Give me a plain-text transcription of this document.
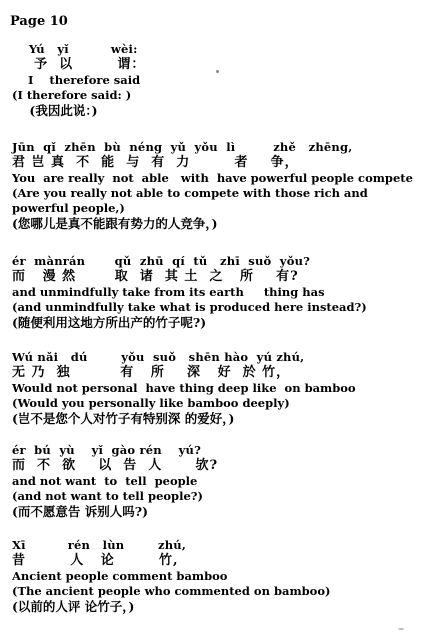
Page 10
Yú   yǐ          wèi:
予  以        谓：
I    therefore said
(I therefore said: )
(我因此说：)
Jūn  qǐ  zhēn  bù  néng  yǔ  yǒu  lì         zhě   zhēng,
君 岂 真  不  能  与  有  力        者    争，
You  are really  not  able   with  have powerful people compete
(Are you really not able to compete with those rich and powerful people,)
(您哪儿是真不能跟有势力的人竞争，)
ér  mànrán       qǔ  zhū  qí  tǔ   zhī  suǒ  yǒu?
而   漫 然       取  诸  其 土  之   所    有?
and unmindfully take from its earth     thing has
(and unmindfully take what is produced here instead?)
(随便利用这地方所出产的竹子呢?)
Wú nǎi   dú        yǒu  suǒ   shēn hào  yú zhú,
无 乃  独         有   所    深   好  於 竹，
Would not personal  have thing deep like  on bamboo
(Would you personally like bamboo deeply)
(岂不是您个人对竹子有特别深 的爱好，)
ér  bú  yù    yǐ  gào rén    yú?
而  不  欲    以  告  人      欤?
and not want  to  tell  people
(and not want to tell people?)
(而不愿意告 诉别人吗?)
Xī          rén   lùn        zhú,
昔        人   论        竹,
Ancient people comment bamboo
(The ancient people who commented on bamboo)
(以前的人评 论竹子，)
